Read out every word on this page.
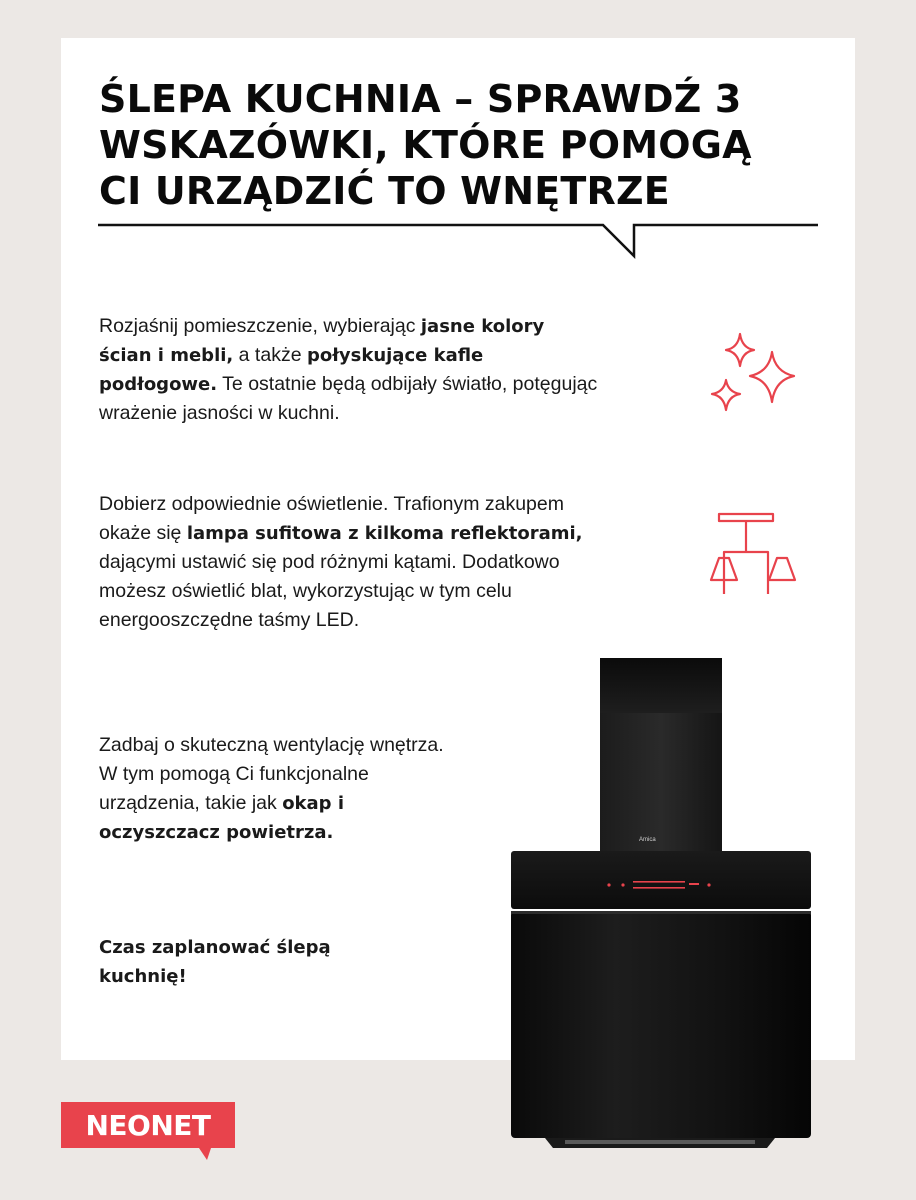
ŚLEPA KUCHNIA – SPRAWDŹ 3
WSKAZÓWKI, KTÓRE POMOGĄ
CI URZĄDZIĆ TO WNĘTRZE

Rozjaśnij pomieszczenie, wybierając jasne kolory ścian i mebli, a także połyskujące kafle podłogowe. Te ostatnie będą odbijały światło, potęgując wrażenie jasności w kuchni.

Dobierz odpowiednie oświetlenie. Trafionym zakupem okaże się lampa sufitowa z kilkoma reflektorami, dającymi ustawić się pod różnymi kątami. Dodatkowo możesz oświetlić blat, wykorzystując w tym celu energooszczędne taśmy LED.

Zadbaj o skuteczną wentylację wnętrza. W tym pomogą Ci funkcjonalne urządzenia, takie jak okap i oczyszczacz powietrza.

Czas zaplanować ślepą kuchnię!

Amica
NEONET
